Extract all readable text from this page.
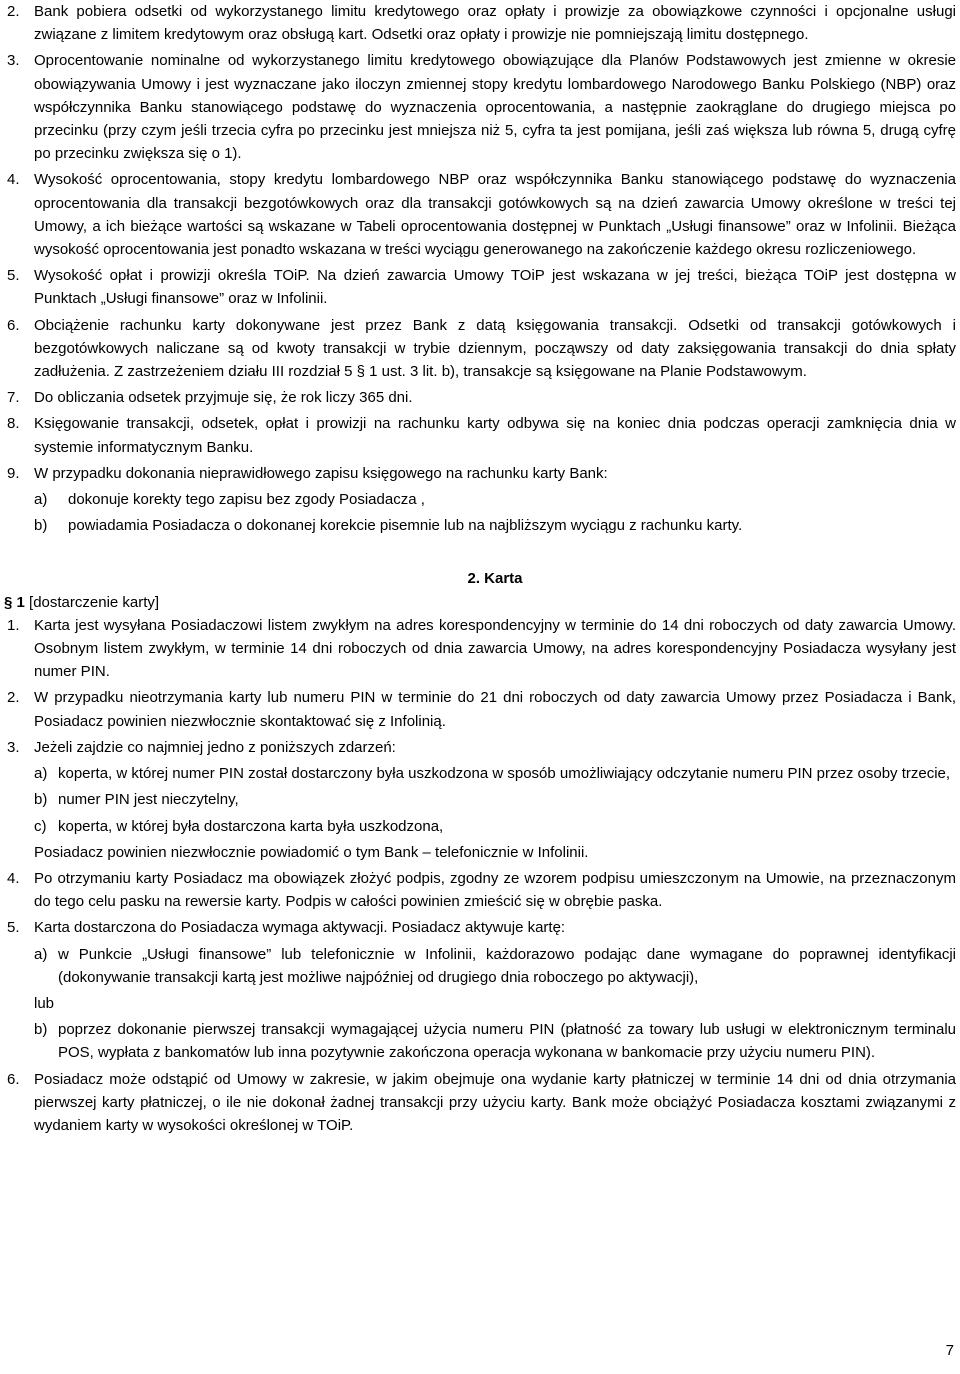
2. Bank pobiera odsetki od wykorzystanego limitu kredytowego oraz opłaty i prowizje za obowiązkowe czynności i opcjonalne usługi związane z limitem kredytowym oraz obsługą kart. Odsetki oraz opłaty i prowizje nie pomniejszają limitu dostępnego.
3. Oprocentowanie nominalne od wykorzystanego limitu kredytowego obowiązujące dla Planów Podstawowych jest zmienne w okresie obowiązywania Umowy i jest wyznaczane jako iloczyn zmiennej stopy kredytu lombardowego Narodowego Banku Polskiego (NBP) oraz współczynnika Banku stanowiącego podstawę do wyznaczenia oprocentowania, a następnie zaokrąglane do drugiego miejsca po przecinku (przy czym jeśli trzecia cyfra po przecinku jest mniejsza niż 5, cyfra ta jest pomijana, jeśli zaś większa lub równa 5, drugą cyfrę po przecinku zwiększa się o 1).
4. Wysokość oprocentowania, stopy kredytu lombardowego NBP oraz współczynnika Banku stanowiącego podstawę do wyznaczenia oprocentowania dla transakcji bezgotówkowych oraz dla transakcji gotówkowych są na dzień zawarcia Umowy określone w treści tej Umowy, a ich bieżące wartości są wskazane w Tabeli oprocentowania dostępnej w Punktach „Usługi finansowe” oraz w Infolinii. Bieżąca wysokość oprocentowania jest ponadto wskazana w treści wyciągu generowanego na zakończenie każdego okresu rozliczeniowego.
5. Wysokość opłat i prowizji określa TOiP. Na dzień zawarcia Umowy TOiP jest wskazana w jej treści, bieżąca TOiP jest dostępna w Punktach „Usługi finansowe” oraz w Infolinii.
6. Obciążenie rachunku karty dokonywane jest przez Bank z datą księgowania transakcji. Odsetki od transakcji gotówkowych i bezgotówkowych naliczane są od kwoty transakcji w trybie dziennym, począwszy od daty zaksięgowania transakcji do dnia spłaty zadłużenia. Z zastrzeżeniem działu III rozdział 5 § 1 ust. 3 lit. b), transakcje są księgowane na Planie Podstawowym.
7. Do obliczania odsetek przyjmuje się, że rok liczy 365 dni.
8. Księgowanie transakcji, odsetek, opłat i prowizji na rachunku karty odbywa się na koniec dnia podczas operacji zamknięcia dnia w systemie informatycznym Banku.
9. W przypadku dokonania nieprawidłowego zapisu księgowego na rachunku karty Bank:
a) dokonuje korekty tego zapisu bez zgody Posiadacza ,
b) powiadamia Posiadacza o dokonanej korekcie pisemnie lub na najbliższym wyciągu z rachunku karty.
2. Karta
§ 1 [dostarczenie karty]
1. Karta jest wysyłana Posiadaczowi listem zwykłym na adres korespondencyjny w terminie do 14 dni roboczych od daty zawarcia Umowy. Osobnym listem zwykłym, w terminie 14 dni roboczych od dnia zawarcia Umowy, na adres korespondencyjny Posiadacza wysyłany jest numer PIN.
2. W przypadku nieotrzymania karty lub numeru PIN w terminie do 21 dni roboczych od daty zawarcia Umowy przez Posiadacza i Bank, Posiadacz powinien niezwłocznie skontaktować się z Infolinią.
3. Jeżeli zajdzie co najmniej jedno z poniższych zdarzeń:
a) koperta, w której numer PIN został dostarczony była uszkodzona w sposób umożliwiający odczytanie numeru PIN przez osoby trzecie,
b) numer PIN jest nieczytelny,
c) koperta, w której była dostarczona karta była uszkodzona,
Posiadacz powinien niezwłocznie powiadomić o tym Bank – telefonicznie w Infolinii.
4. Po otrzymaniu karty Posiadacz ma obowiązek złożyć podpis, zgodny ze wzorem podpisu umieszczonym na Umowie, na przeznaczonym do tego celu pasku na rewersie karty. Podpis w całości powinien zmieścić się w obrębie paska.
5. Karta dostarczona do Posiadacza wymaga aktywacji. Posiadacz aktywuje kartę:
a) w Punkcie „Usługi finansowe” lub telefonicznie w Infolinii, każdorazowo podając dane wymagane do poprawnej identyfikacji (dokonywanie transakcji kartą jest możliwe najpóźniej od drugiego dnia roboczego po aktywacji),
lub
b) poprzez dokonanie pierwszej transakcji wymagającej użycia numeru PIN (płatność za towary lub usługi w elektronicznym terminalu POS, wypłata z bankomatów lub inna pozytywnie zakończona operacja wykonana w bankomacie przy użyciu numeru PIN).
6. Posiadacz może odstąpić od Umowy w zakresie, w jakim obejmuje ona wydanie karty płatniczej w terminie 14 dni od dnia otrzymania pierwszej karty płatniczej, o ile nie dokonał żadnej transakcji przy użyciu karty. Bank może obciążyć Posiadacza kosztami związanymi z wydaniem karty w wysokości określonej w TOiP.
7
